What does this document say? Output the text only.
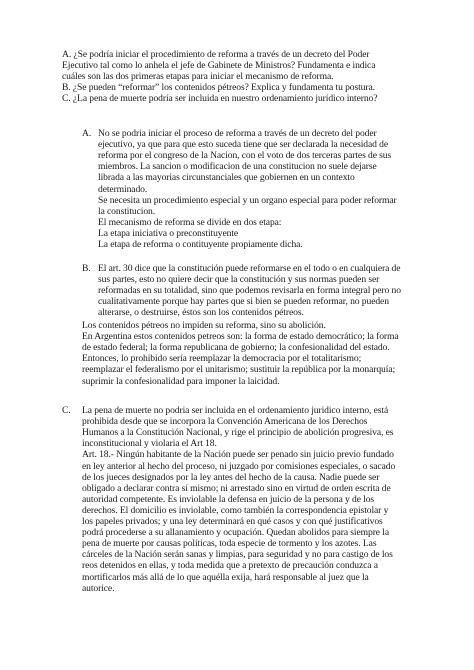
A. ¿Se podría iniciar el procedimiento de reforma a través de un decreto del Poder
Ejecutivo tal como lo anhela el jefe de Gabinete de Ministros? Fundamenta e indica
cuáles son las dos primeras etapas para iniciar el mecanismo de reforma.
B. ¿Se pueden “reformar” los contenidos pétreos? Explica y fundamenta tu postura.
C. ¿La pena de muerte podría ser incluida en nuestro ordenamiento jurídico interno?
A. No se podria iniciar el proceso de reforma a través de un decreto del poder
ejecutivo, ya que para que esto suceda tiene que ser declarada la necesidad de
reforma por el congreso de la Nacion, con el voto de dos terceras partes de sus
miembros. La sancion o modificacion de una constitucion no suele dejarse
librada a las mayorias circunstanciales que gobiernen en un contexto
determinado.
Se necesita un procedimiento especial y un organo especial para poder reformar
la constitucion.
El mecanismo de reforma se divide en dos etapa:
La etapa iniciativa o preconstituyente
La etapa de reforma o contituyente propiamente dicha.
B. El art. 30 dice que la constitución puede reformarse en el todo o en cualquiera de
sus partes, esto no quiere decir que la constitución y sus normas pueden ser
reformadas en su totalidad, sino que podemos revisarla en forma integral pero no
cualitativamente porque hay partes que si bien se pueden reformar, no pueden
alterarse, o destruirse, éstos son los contenidos pétreos.
Los contenidos pétreos no impiden su reforma, sino su abolición.
En Argentina estos contenidos petreos son: la forma de estado democrático; la forma
de estado federal; la forma republicana de gobierno; la confesionalidad del estado.
Entonces, lo prohibido sería reemplazar la democracia por el totalitarismo;
reemplazar el federalismo por el unitarismo; sustituir la república por la monarquía;
suprimir la confesionalidad para imponer la laicidad.
C. La pena de muerte no podria ser incluida en el ordenamiento juridico interno, está
prohibida desde que se incorpora la Convención Americana de los Derechos
Humanos a la Constitución Nacional, y rige el principio de abolición progresiva, es
inconstitucional y violaria el Art 18.
Art. 18.- Ningún habitante de la Nación puede ser penado sin juicio previo fundado
en ley anterior al hecho del proceso, ni juzgado por comisiones especiales, o sacado
de los jueces designados por la ley antes del hecho de la causa. Nadie puede ser
obligado a declarar contra sí mismo; ni arrestado sino en virtud de orden escrita de
autoridad competente. Es inviolable la defensa en juicio de la persona y de los
derechos. El domicilio es inviolable, como también la correspondencia epistolar y
los papeles privados; y una ley determinará en qué casos y con qué justificativos
podrá procederse a su allanamiento y ocupación. Quedan abolidos para siempre la
pena de muerte por causas políticas, toda especie de tormento y los azotes. Las
cárceles de la Nación serán sanas y limpias, para seguridad y no para castigo de los
reos detenidos en ellas, y toda medida que a pretexto de precaución conduzca a
mortificarlos más allá de lo que aquélla exija, hará responsable al juez que la
autorice.
